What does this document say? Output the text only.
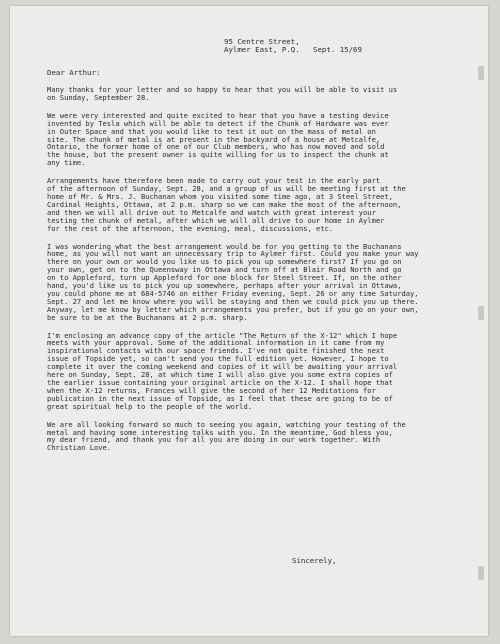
95 Centre Street,
Aylmer East, P.Q. Sept. 15/69
Dear Arthur:

Many thanks for your letter and so happy to hear that you will be able to visit us
on Sunday, September 28.

We were very interested and quite excited to hear that you have a testing device
invented by Tesla which will be able to detect if the Chunk of Hardware was ever
in Outer Space and that you would like to test it out on the mass of metal on
site. The chunk of metal is at present in the backyard of a house at Metcalfe,
Ontario, the former home of one of our Club members, who has now moved and sold
the house, but the present owner is quite willing for us to inspect the chunk at
any time.

Arrangements have therefore been made to carry out your test in the early part
of the afternoon of Sunday, Sept. 28, and a group of us will be meeting first at the
home of Mr. & Mrs. J. Buchanan whom you visited some time ago, at 3 Steel Street,
Cardinal Heights, Ottawa, at 2 p.m. sharp so we can make the most of the afternoon,
and then we will all drive out to Metcalfe and watch with great interest your
testing the chunk of metal, after which we will all drive to our home in Aylmer
for the rest of the afternoon, the evening, meal, discussions, etc.

I was wondering what the best arrangement would be for you getting to the Buchanans
home, as you will not want an unnecessary trip to Aylmer first. Could you make your way
there on your own or would you like us to pick you up somewhere first? If you go on
your own, get on to the Queensway in Ottawa and turn off at Blair Road North and go
on to Appleford, turn up Appleford for one block for Steel Street. If, on the other
hand, you'd like us to pick you up somewhere, perhaps after your arrival in Ottawa,
you could phone me at 684-5746 on either Friday evening, Sept. 26 or any time Saturday,
Sept. 27 and let me know where you will be staying and then we could pick you up there.
Anyway, let me know by letter which arrangements you prefer, but if you go on your own,
be sure to be at the Buchanans at 2 p.m. sharp.

I'm enclosing an advance copy of the article "The Return of the X-12" which I hope
meets with your approval. Some of the additional information in it came from my
inspirational contacts with our space friends. I've not quite finished the next
issue of Topside yet, so can't send you the full edition yet. However, I hope to
complete it over the coming weekend and copies of it will be awaiting your arrival
here on Sunday, Sept. 28, at which time I will also give you some extra copies of
the earlier issue containing your original article on the X-12. I shall hope that
when the X-12 returns, Frances will give the second of her 12 Meditations for
publication in the next issue of Topside, as I feel that these are going to be of
great spiritual help to the people of the world.

We are all looking forward so much to seeing you again, watching your testing of the
metal and having some interesting talks with you. In the meantime, God bless you,
my dear friend, and thank you for all you are doing in our work together. With
Christian Love.

Sincerely,
